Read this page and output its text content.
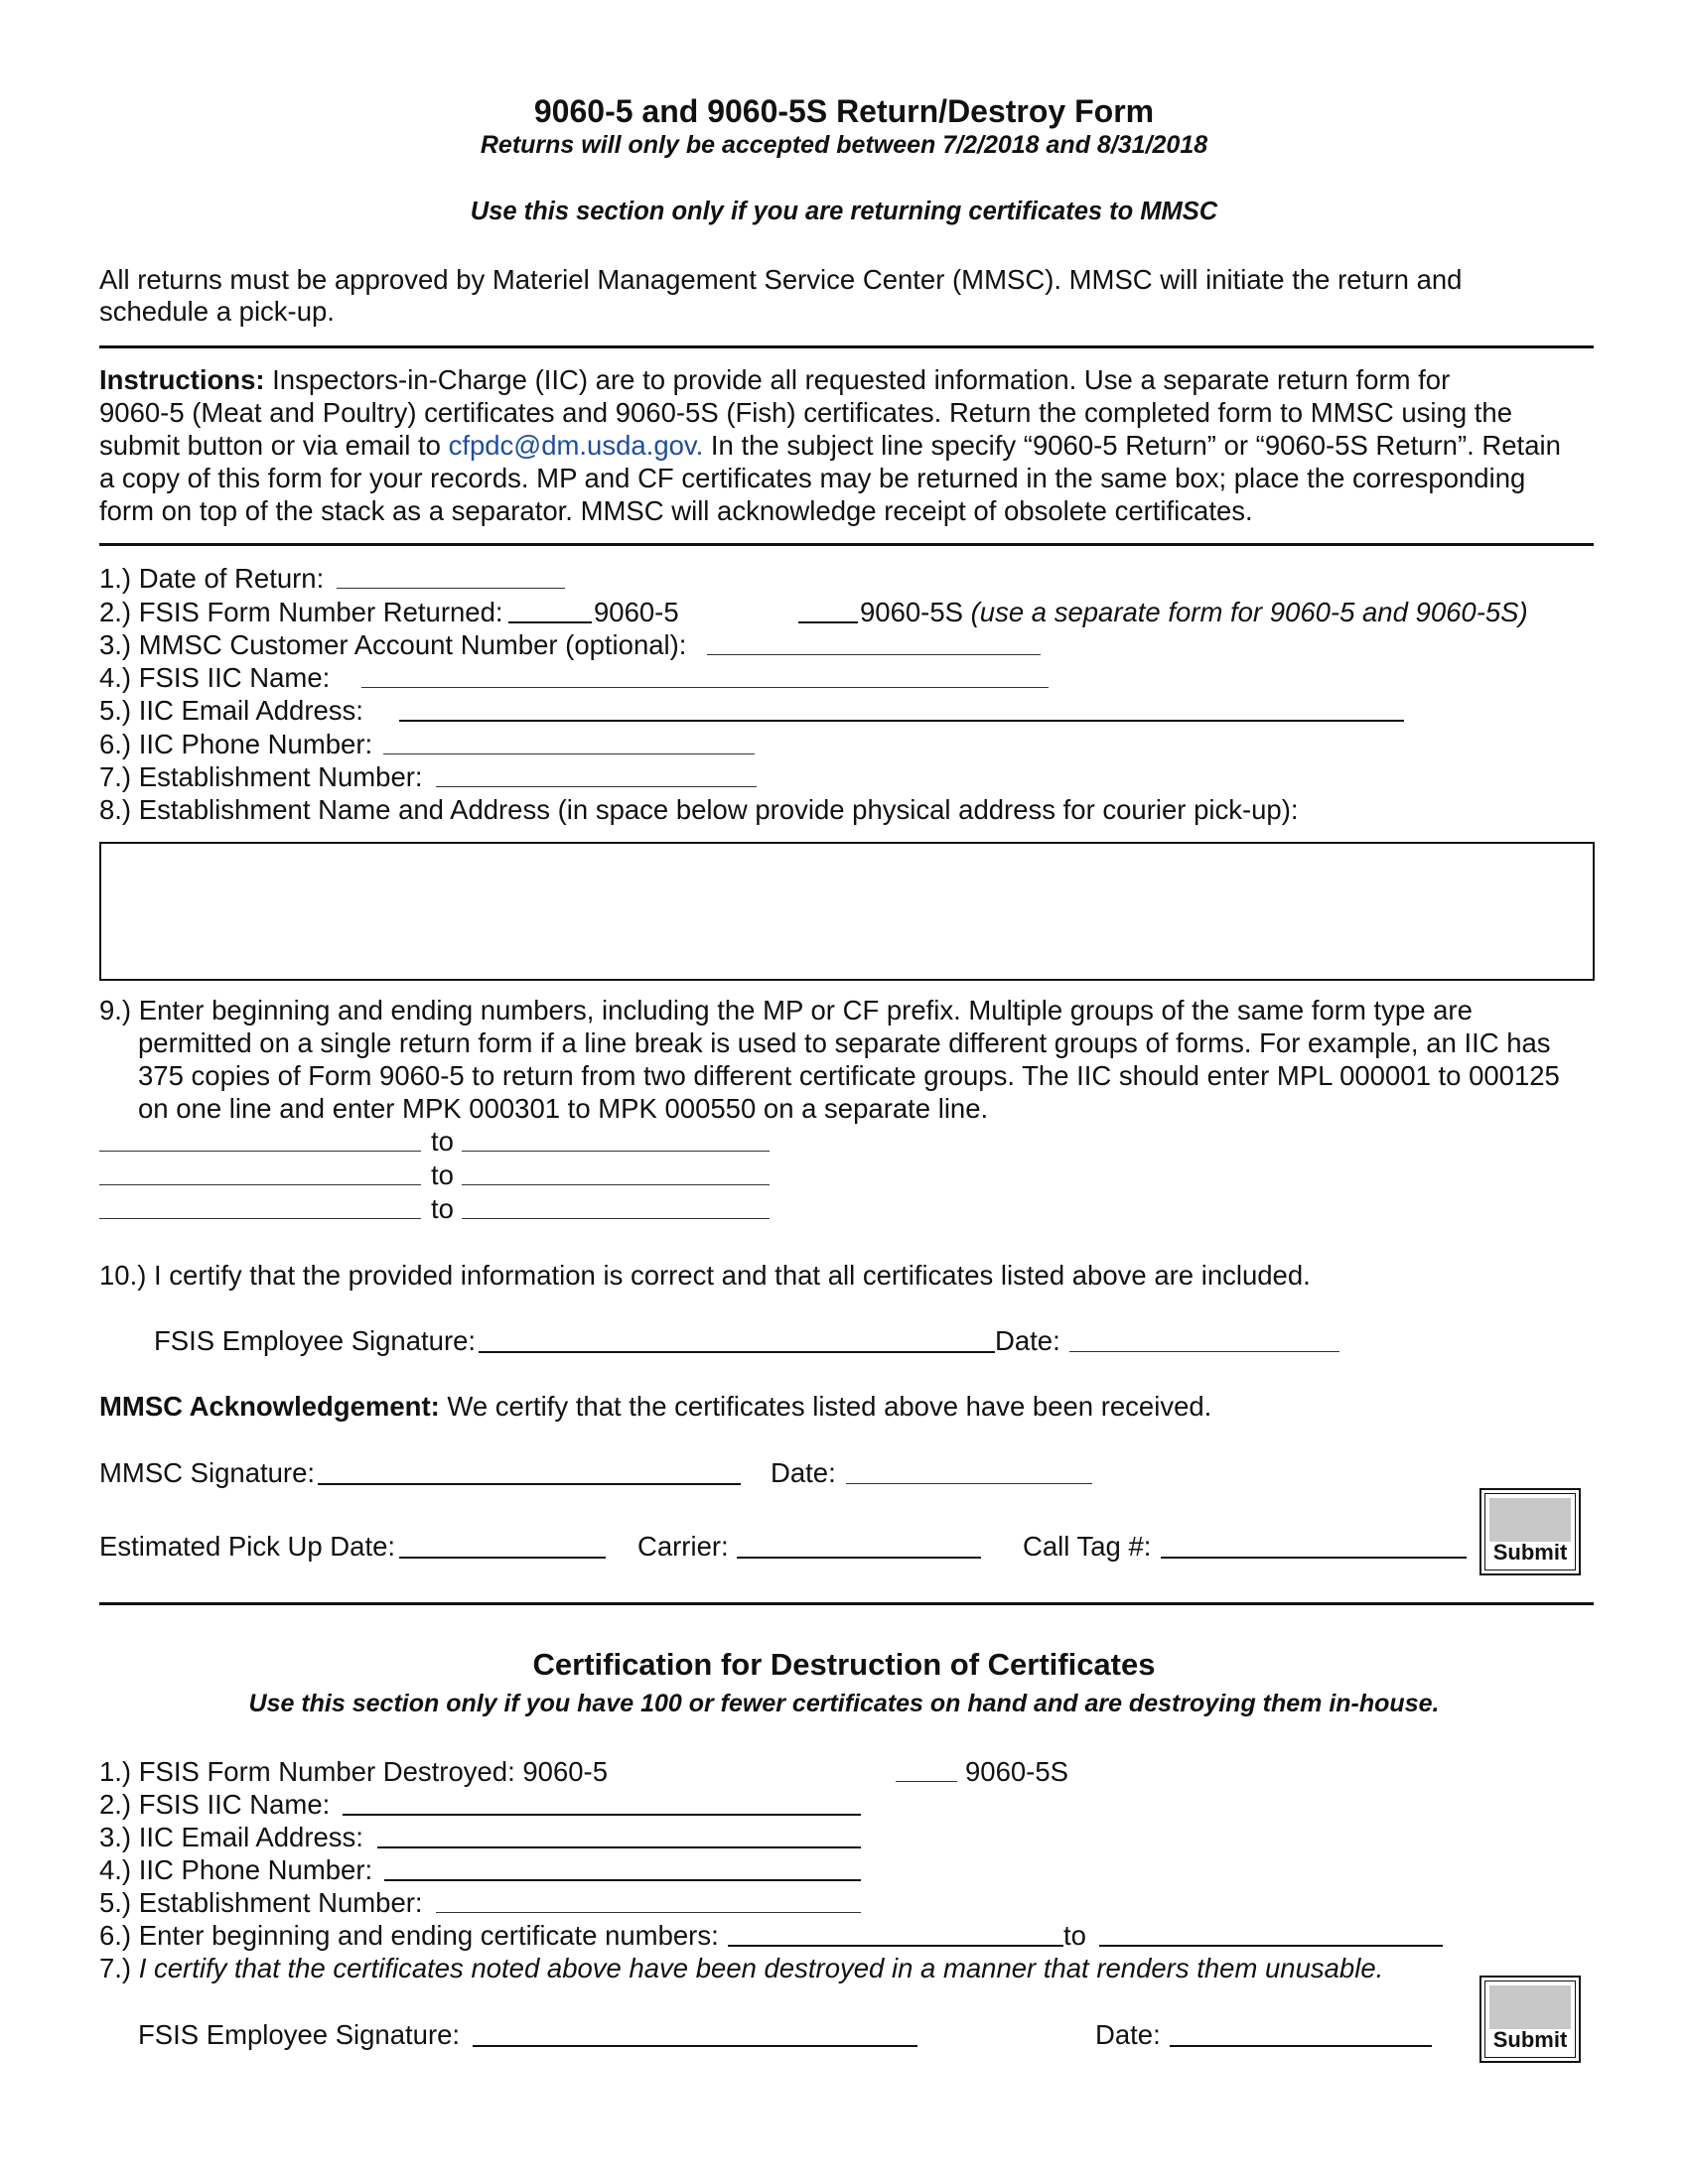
9060-5 and 9060-5S Return/Destroy Form
Returns will only be accepted between 7/2/2018 and 8/31/2018
Use this section only if you are returning certificates to MMSC
All returns must be approved by Materiel Management Service Center (MMSC). MMSC will initiate the return and
schedule a pick-up.
Instructions: Inspectors-in-Charge (IIC) are to provide all requested information. Use a separate return form for
9060-5 (Meat and Poultry) certificates and 9060-5S (Fish) certificates. Return the completed form to MMSC using the
submit button or via email to cfpdc@dm.usda.gov. In the subject line specify “9060-5 Return” or “9060-5S Return”. Retain
a copy of this form for your records. MP and CF certificates may be returned in the same box; place the corresponding
form on top of the stack as a separator. MMSC will acknowledge receipt of obsolete certificates.
1.) Date of Return:
2.) FSIS Form Number Returned:	9060-5	9060-5S (use a separate form for 9060-5 and 9060-5S)
3.) MMSC Customer Account Number (optional):
4.) FSIS IIC Name:
5.) IIC Email Address:
6.) IIC Phone Number:
7.) Establishment Number:
8.) Establishment Name and Address (in space below provide physical address for courier pick-up):
9.) Enter beginning and ending numbers, including the MP or CF prefix. Multiple groups of the same form type are
permitted on a single return form if a line break is used to separate different groups of forms. For example, an IIC has
375 copies of Form 9060-5 to return from two different certificate groups. The IIC should enter MPL 000001 to 000125
on one line and enter MPK 000301 to MPK 000550 on a separate line.
to
to
to
10.) I certify that the provided information is correct and that all certificates listed above are included.
FSIS Employee Signature:	Date:
MMSC Acknowledgement: We certify that the certificates listed above have been received.
MMSC Signature:	Date:
Estimated Pick Up Date:	Carrier:	Call Tag #:	Submit
Certification for Destruction of Certificates
Use this section only if you have 100 or fewer certificates on hand and are destroying them in-house.
1.) FSIS Form Number Destroyed: 9060-5	9060-5S
2.) FSIS IIC Name:
3.) IIC Email Address:
4.) IIC Phone Number:
5.) Establishment Number:
6.) Enter beginning and ending certificate numbers:	to
7.) I certify that the certificates noted above have been destroyed in a manner that renders them unusable.
FSIS Employee Signature:	Date:	Submit
